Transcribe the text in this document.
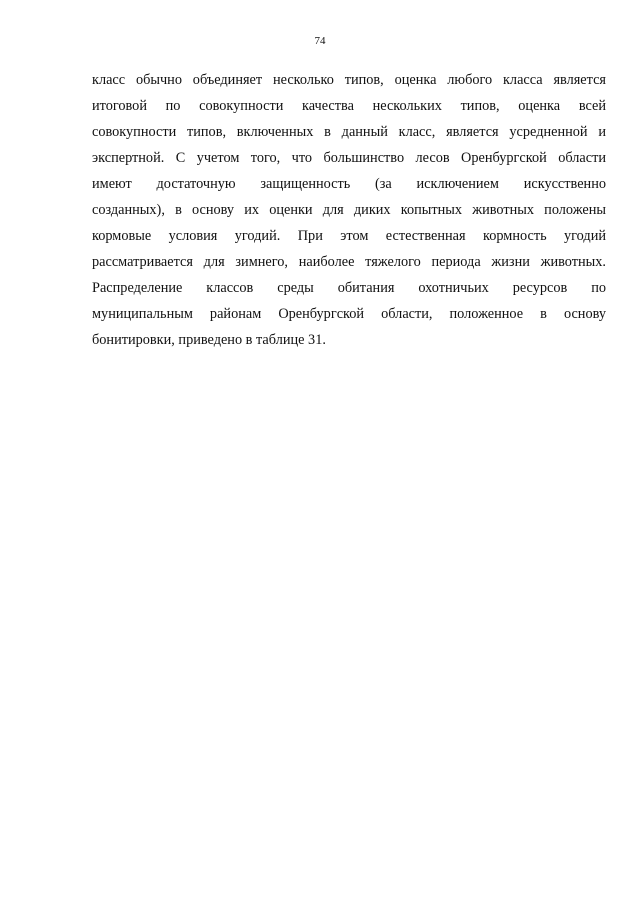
74
класс обычно объединяет несколько типов, оценка любого класса является
итоговой по совокупности качества нескольких типов, оценка всей
совокупности типов, включенных в данный класс, является усредненной и
экспертной. С учетом того, что большинство лесов Оренбургской области
имеют достаточную защищенность (за исключением искусственно
созданных), в основу их оценки для диких копытных животных положены
кормовые условия угодий. При этом естественная кормность угодий
рассматривается для зимнего, наиболее тяжелого периода жизни животных.
Распределение классов среды обитания охотничьих ресурсов по
муниципальным районам Оренбургской области, положенное в основу
бонитировки, приведено в таблице 31.
